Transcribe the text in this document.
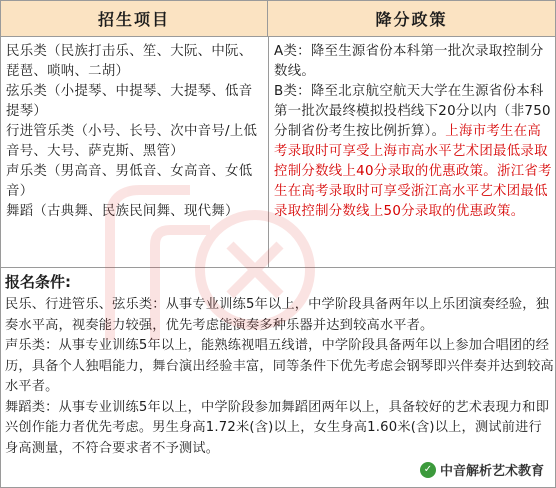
招生项目	降分政策
民乐类（民族打击乐、笙、大阮、中阮、琵琶、唢呐、二胡）
弦乐类（小提琴、中提琴、大提琴、低音提琴）
行进管乐类（小号、长号、次中音号/上低音号、大号、萨克斯、黑管）
声乐类（男高音、男低音、女高音、女低音）
舞蹈（古典舞、民族民间舞、现代舞）
A类：降至生源省份本科第一批次录取控制分数线。
B类：降至北京航空航天大学在生源省份本科第一批次最终模拟投档线下20分以内（非750分制省份考生按比例折算）。上海市考生在高考录取时可享受上海市高水平艺术团最低录取控制分数线上40分录取的优惠政策。浙江省考生在高考录取时可享受浙江高水平艺术团最低录取控制分数线上50分录取的优惠政策。
报名条件:
民乐、行进管乐、弦乐类：从事专业训练5年以上，中学阶段具备两年以上乐团演奏经验，独奏水平高，视奏能力较强，优先考虑能演奏多种乐器并达到较高水平者。
声乐类：从事专业训练5年以上，能熟练视唱五线谱，中学阶段具备两年以上参加合唱团的经历，具备个人独唱能力，舞台演出经验丰富，同等条件下优先考虑会钢琴即兴伴奏并达到较高水平者。
舞蹈类：从事专业训练5年以上，中学阶段参加舞蹈团两年以上，具备较好的艺术表现力和即兴创作能力者优先考虑。男生身高1.72米(含)以上，女生身高1.60米(含)以上，测试前进行身高测量，不符合要求者不予测试。
✓ 中音解析艺术教育
